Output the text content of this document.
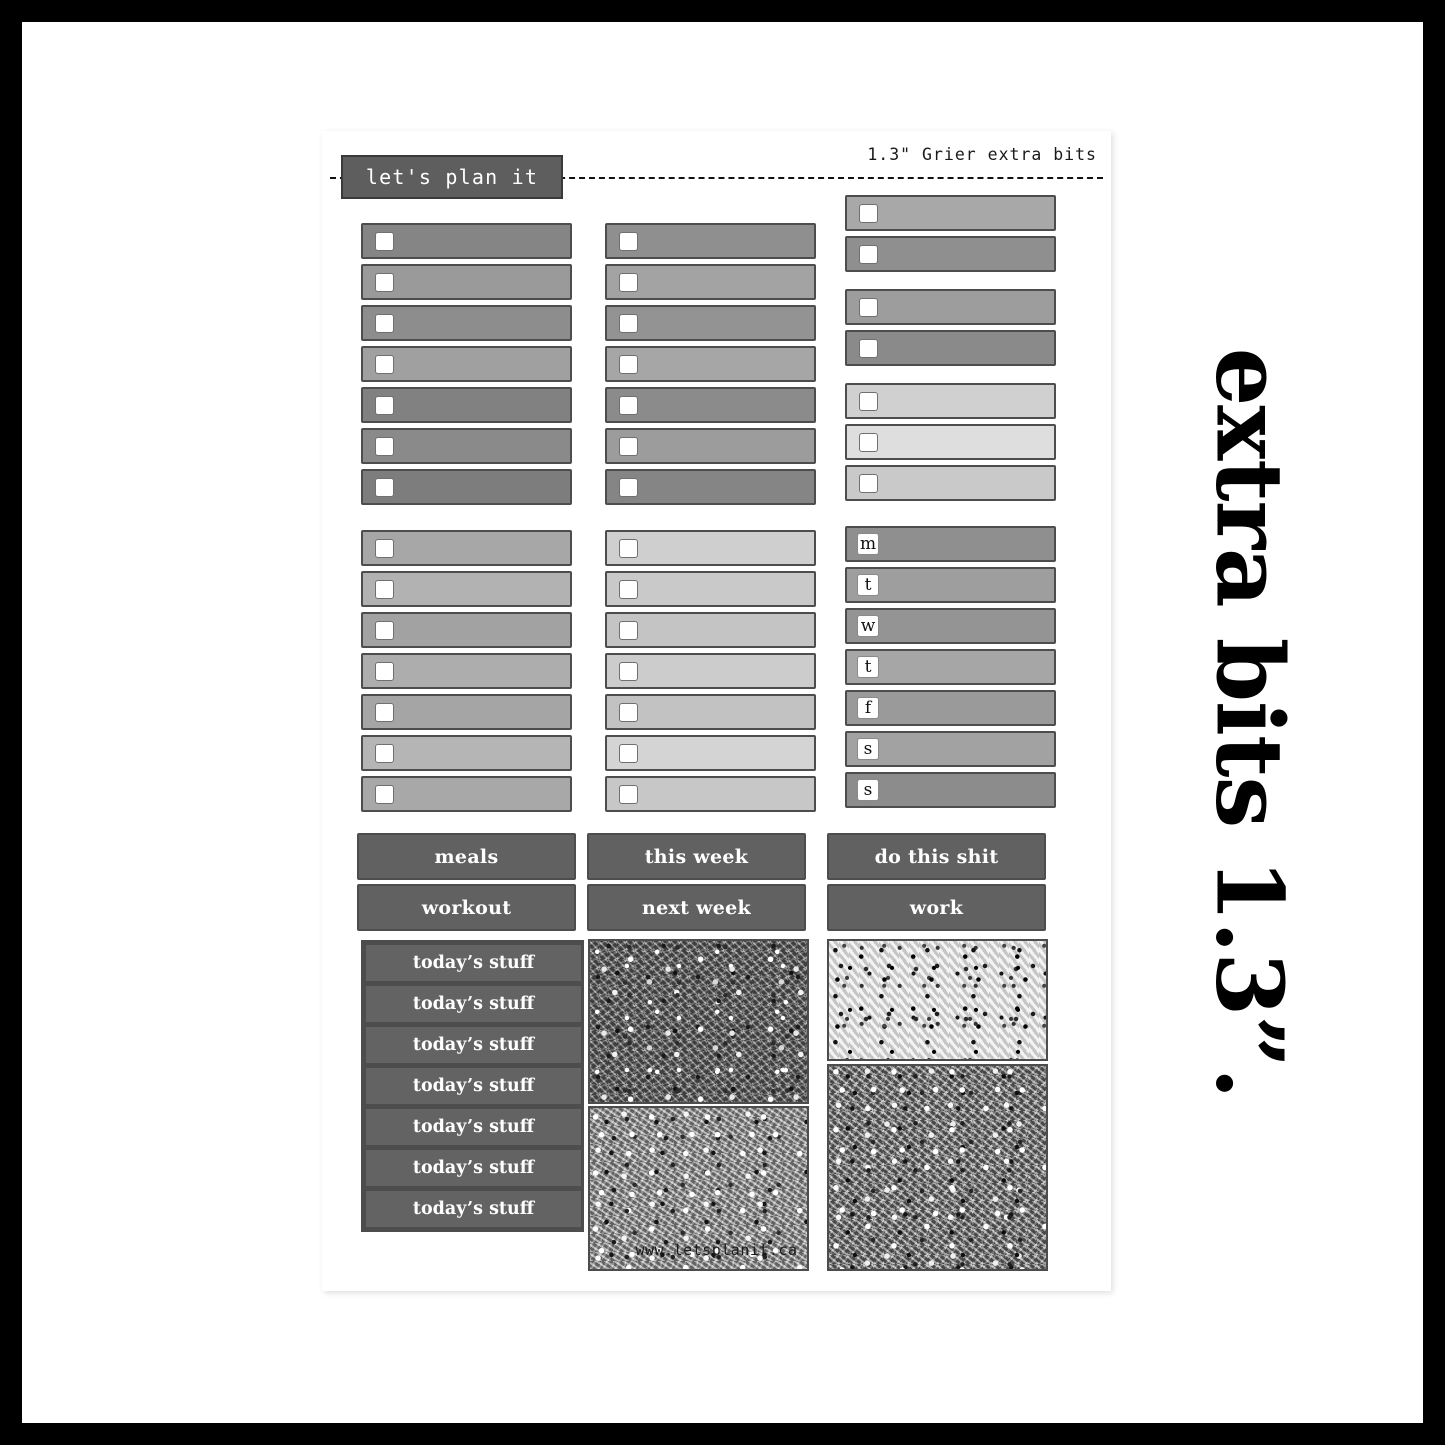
1.3" Grier extra bits
let's plan it
m
t
w
t
f
s
s
meals
workout
this week
next week
do this shit
work
today’s stuff
today’s stuff
today’s stuff
today’s stuff
today’s stuff
today’s stuff
today’s stuff
www.letsplanit.ca
extra bits 1.3”.
